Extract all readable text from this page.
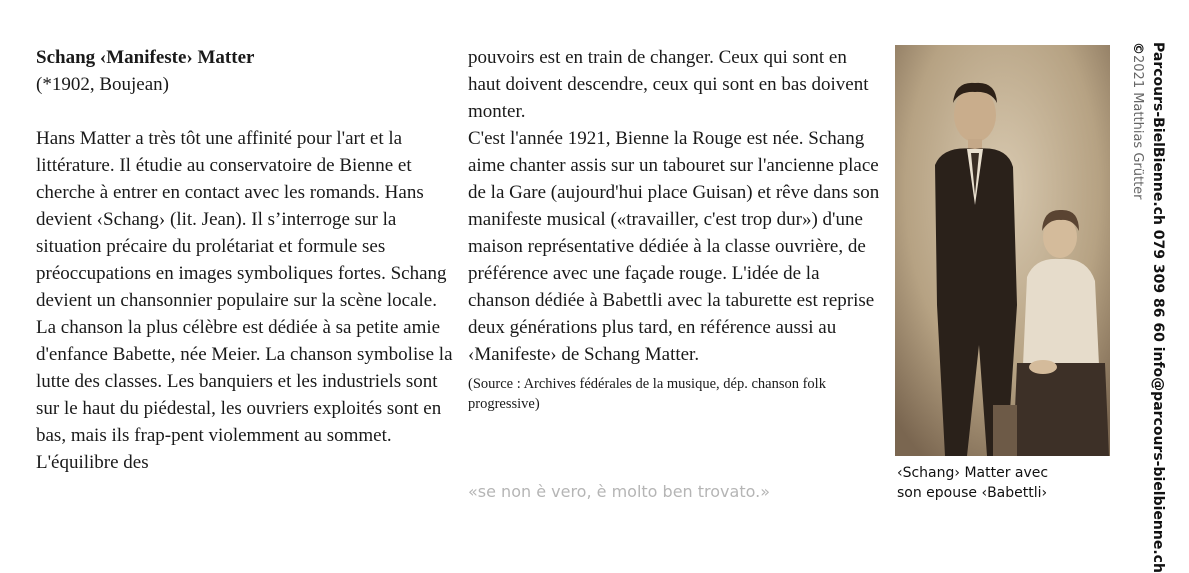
Schang ‹Manifeste› Matter
(*1902, Boujean)

Hans Matter a très tôt une affinité pour l'art et la littérature. Il étudie au conservatoire de Bienne et cherche à entrer en contact avec les romands. Hans devient ‹Schang› (lit. Jean). Il s’interroge sur la situation précaire du prolétariat et formule ses préoccupations en images symboliques fortes. Schang devient un chansonnier populaire sur la scène locale. La chanson la plus célèbre est dédiée à sa petite amie d'enfance Babette, née Meier. La chanson symbolise la lutte des classes. Les banquiers et les industriels sont sur le haut du piédestal, les ouvriers exploités sont en bas, mais ils frap-pent violemment au sommet. L'équilibre des

pouvoirs est en train de changer. Ceux qui sont en haut doivent descendre, ceux qui sont en bas doivent monter.

C'est l'année 1921, Bienne la Rouge est née. Schang aime chanter assis sur un tabouret sur l'ancienne place de la Gare (aujourd'hui place Guisan) et rêve dans son manifeste musical («travailler, c'est trop dur») d'une maison représentative dédiée à la classe ouvrière, de préférence avec une façade rouge. L'idée de la chanson dédiée à Babettli avec la taburette est reprise deux générations plus tard, en référence aussi au ‹Manifeste› de Schang Matter.

(Source : Archives fédérales de la musique, dép. chanson folk progressive)
«se non è vero, è molto ben trovato.»
‹Schang› Matter avec
son epouse ‹Babettli›	Parcours-BielBienne.ch 079 309 86 60 info@parcours-bielbienne.ch
©2021 Matthias Grütter
